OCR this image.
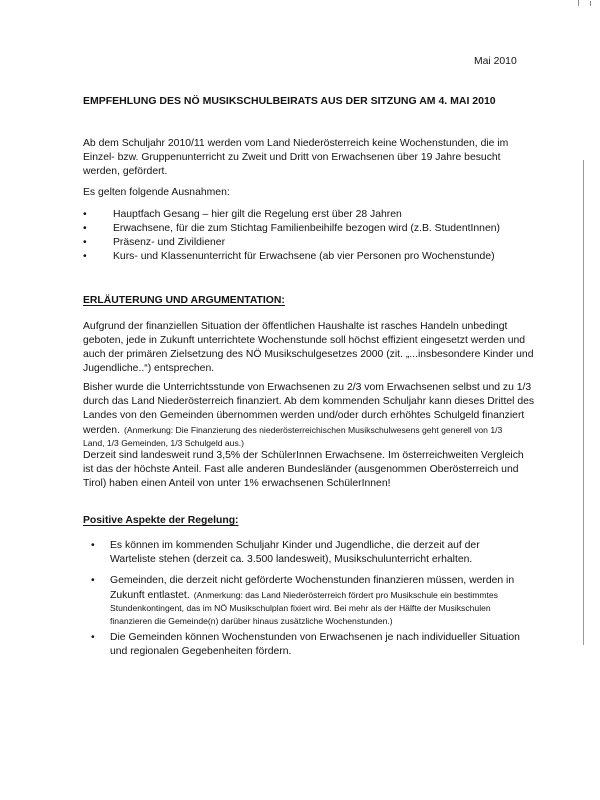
Mai 2010
EMPFEHLUNG DES NÖ MUSIKSCHULBEIRATS AUS DER SITZUNG AM 4. MAI 2010
Ab dem Schuljahr 2010/11 werden vom Land Niederösterreich keine Wochenstunden, die im
Einzel- bzw. Gruppenunterricht zu Zweit und Dritt von Erwachsenen über 19 Jahre besucht
werden, gefördert.
Es gelten folgende Ausnahmen:
•	Hauptfach Gesang – hier gilt die Regelung erst über 28 Jahren
•	Erwachsene, für die zum Stichtag Familienbeihilfe bezogen wird (z.B. StudentInnen)
•	Präsenz- und Zivildiener
•	Kurs- und Klassenunterricht für Erwachsene (ab vier Personen pro Wochenstunde)
ERLÄUTERUNG UND ARGUMENTATION:
Aufgrund der finanziellen Situation der öffentlichen Haushalte ist rasches Handeln unbedingt
geboten, jede in Zukunft unterrichtete Wochenstunde soll höchst effizient eingesetzt werden und
auch der primären Zielsetzung des NÖ Musikschulgesetzes 2000 (zit. „...insbesondere Kinder und
Jugendliche..“) entsprechen.
Bisher wurde die Unterrichtsstunde von Erwachsenen zu 2/3 vom Erwachsenen selbst und zu 1/3
durch das Land Niederösterreich finanziert. Ab dem kommenden Schuljahr kann dieses Drittel des
Landes von den Gemeinden übernommen werden und/oder durch erhöhtes Schulgeld finanziert
werden. (Anmerkung: Die Finanzierung des niederösterreichischen Musikschulwesens geht generell von 1/3
Land, 1/3 Gemeinden, 1/3 Schulgeld aus.)
Derzeit sind landesweit rund 3,5% der SchülerInnen Erwachsene. Im österreichweiten Vergleich
ist das der höchste Anteil. Fast alle anderen Bundesländer (ausgenommen Oberösterreich und
Tirol) haben einen Anteil von unter 1% erwachsenen SchülerInnen!
Positive Aspekte der Regelung:
• Es können im kommenden Schuljahr Kinder und Jugendliche, die derzeit auf der
Warteliste stehen (derzeit ca. 3.500 landesweit), Musikschulunterricht erhalten.
• Gemeinden, die derzeit nicht geförderte Wochenstunden finanzieren müssen, werden in
Zukunft entlastet. (Anmerkung: das Land Niederösterreich fördert pro Musikschule ein bestimmtes
Stundenkontingent, das im NÖ Musikschulplan fixiert wird. Bei mehr als der Hälfte der Musikschulen
finanzieren die Gemeinde(n) darüber hinaus zusätzliche Wochenstunden.)
• Die Gemeinden können Wochenstunden von Erwachsenen je nach individueller Situation
und regionalen Gegebenheiten fördern.
